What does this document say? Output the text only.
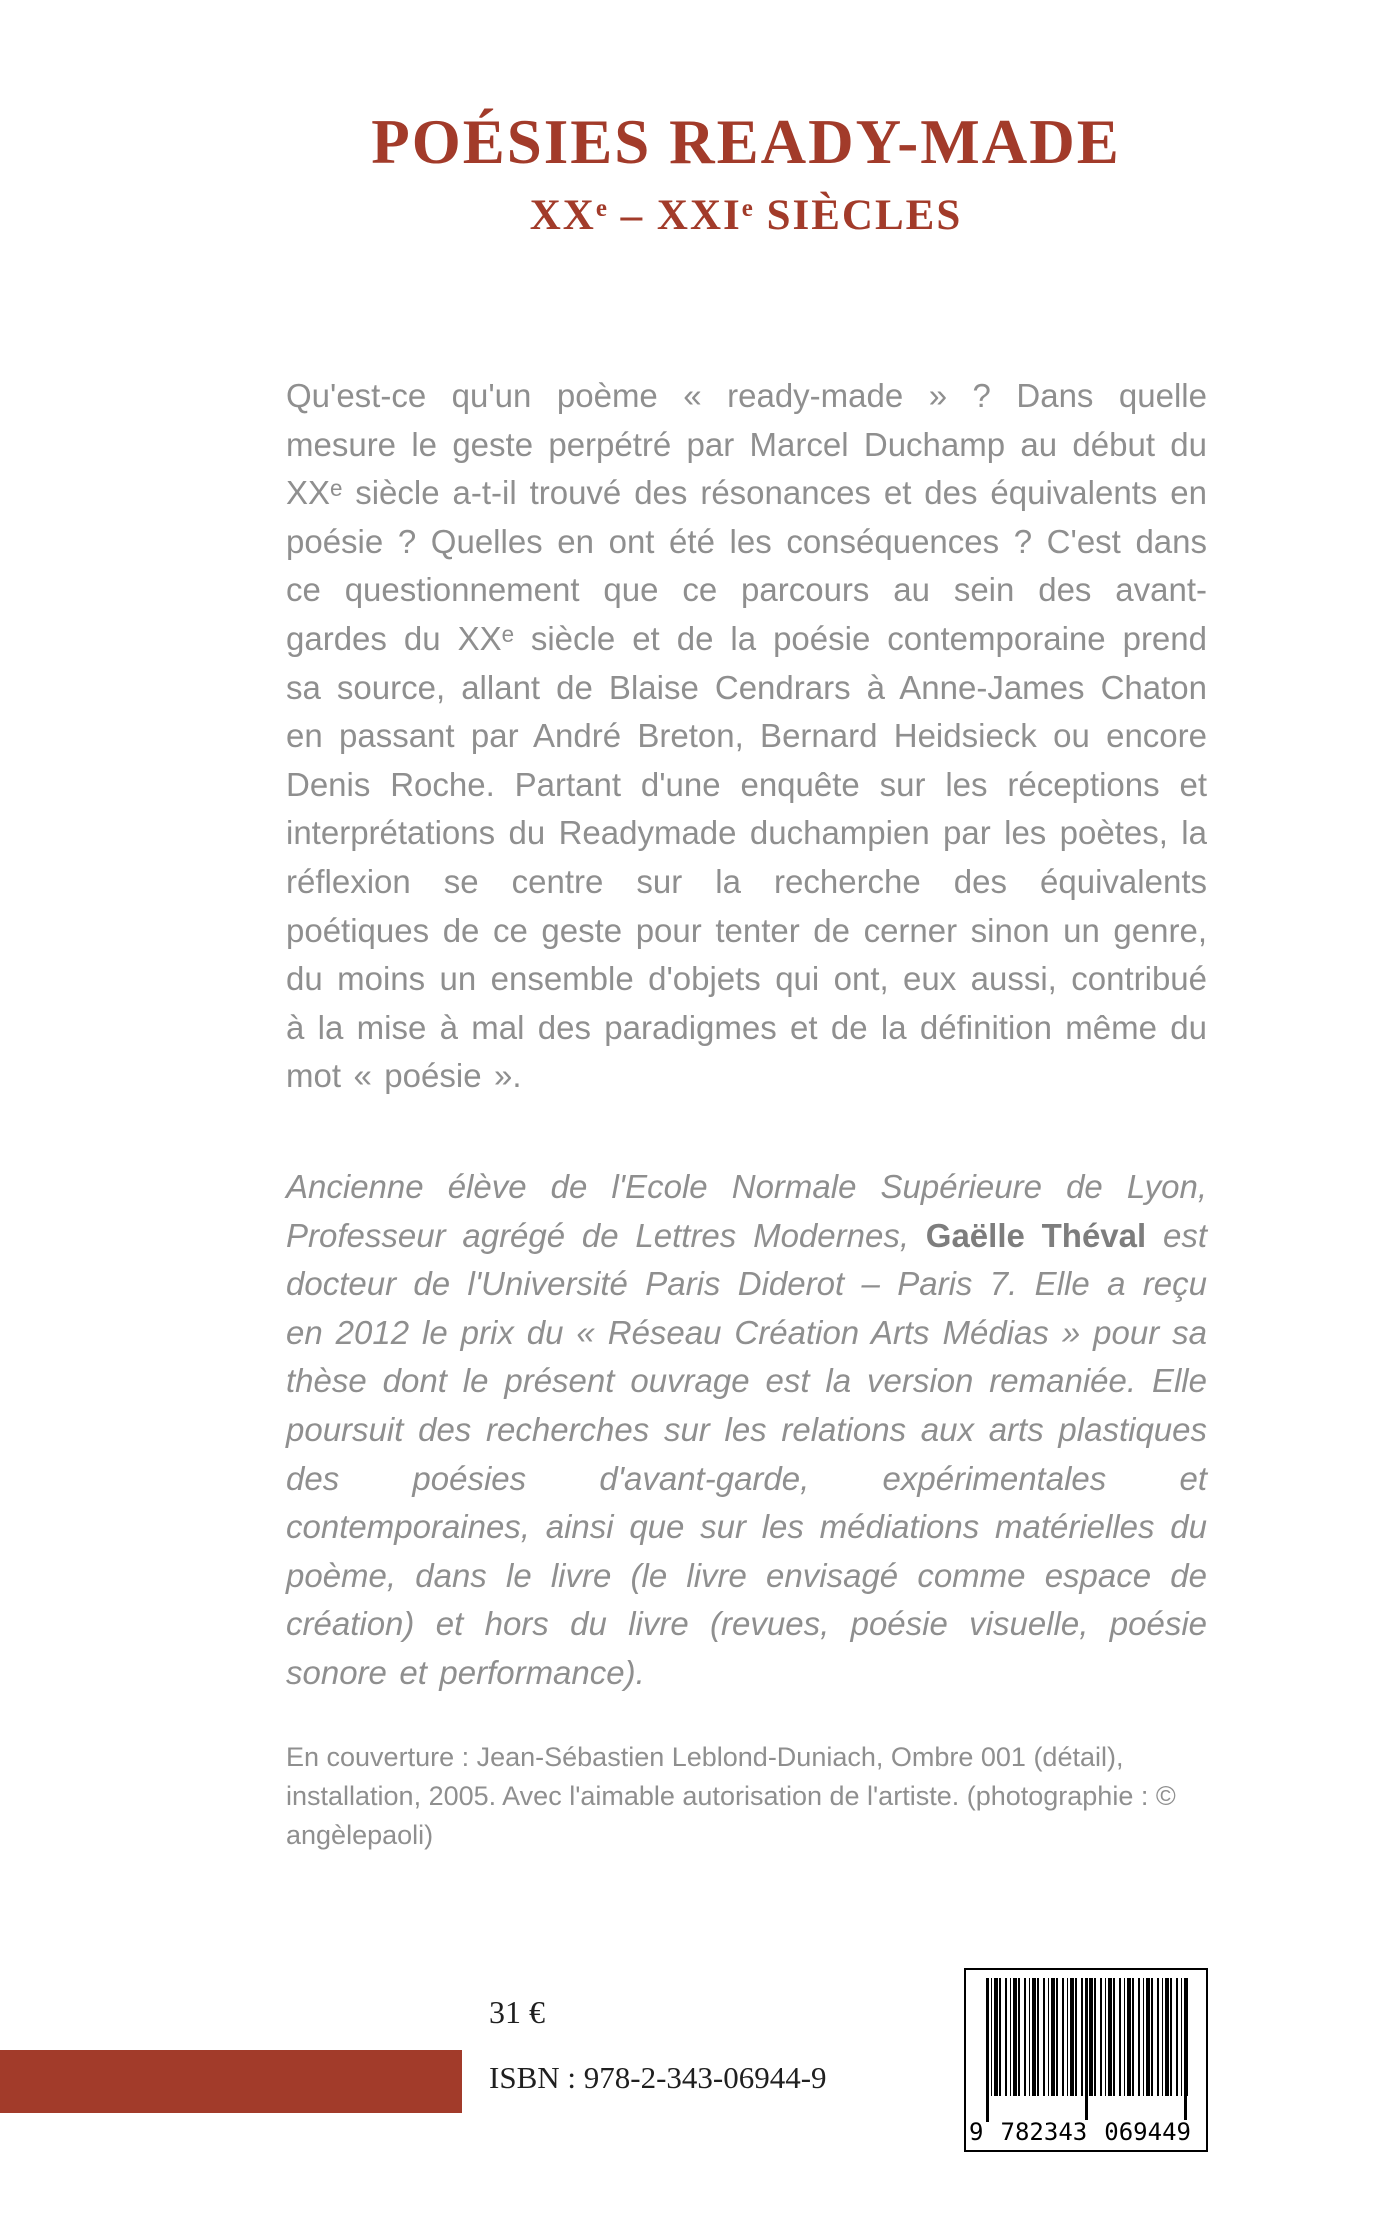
POÉSIES READY-MADE
XXe – XXIe SIÈCLES
Qu'est-ce qu'un poème « ready-made » ? Dans quelle mesure le geste perpétré par Marcel Duchamp au début du XXᵉ siècle a-t-il trouvé des résonances et des équivalents en poésie ? Quelles en ont été les conséquences ? C'est dans ce questionnement que ce parcours au sein des avant-gardes du XXᵉ siècle et de la poésie contemporaine prend sa source, allant de Blaise Cendrars à Anne-James Chaton en passant par André Breton, Bernard Heidsieck ou encore Denis Roche. Partant d'une enquête sur les réceptions et interprétations du Readymade duchampien par les poètes, la réflexion se centre sur la recherche des équivalents poétiques de ce geste pour tenter de cerner sinon un genre, du moins un ensemble d'objets qui ont, eux aussi, contribué à la mise à mal des paradigmes et de la définition même du mot « poésie ».
Ancienne élève de l'Ecole Normale Supérieure de Lyon, Professeur agrégé de Lettres Modernes, Gaëlle Théval est docteur de l'Université Paris Diderot – Paris 7. Elle a reçu en 2012 le prix du « Réseau Création Arts Médias » pour sa thèse dont le présent ouvrage est la version remaniée. Elle poursuit des recherches sur les relations aux arts plastiques des poésies d'avant-garde, expérimentales et contemporaines, ainsi que sur les médiations matérielles du poème, dans le livre (le livre envisagé comme espace de création) et hors du livre (revues, poésie visuelle, poésie sonore et performance).
En couverture : Jean-Sébastien Leblond-Duniach, Ombre 001 (détail), installation, 2005. Avec l'aimable autorisation de l'artiste. (photographie : © angèlepaoli)
31 €
ISBN : 978-2-343-06944-9
9 782343 069449
